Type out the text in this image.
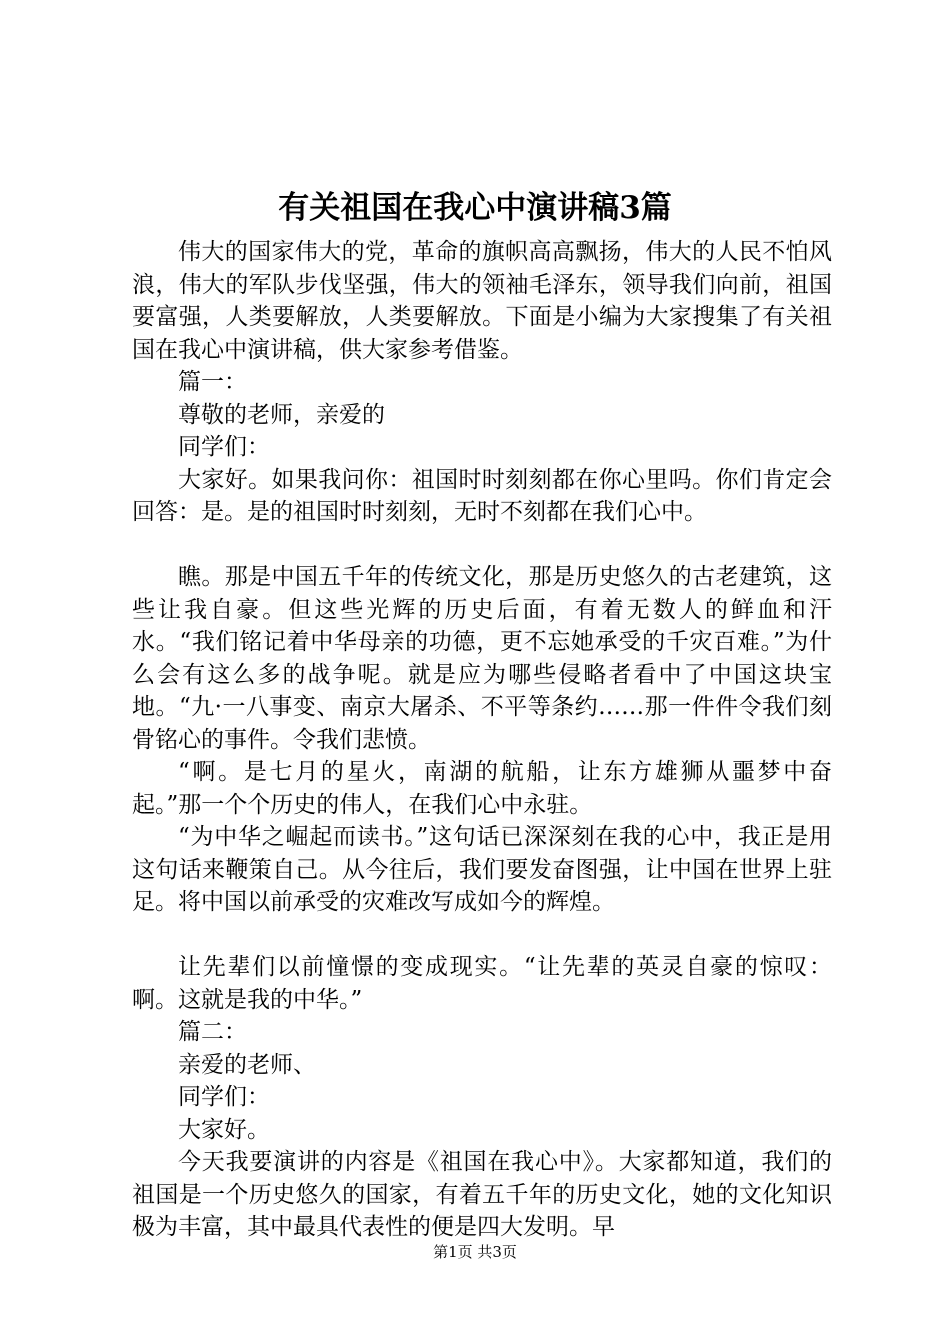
有关祖国在我心中演讲稿3篇

伟大的国家伟大的党，革命的旗帜高高飘扬，伟大的人民不怕风浪，伟大的军队步伐坚强，伟大的领袖毛泽东，领导我们向前，祖国要富强，人类要解放，人类要解放。下面是小编为大家搜集了有关祖国在我心中演讲稿，供大家参考借鉴。

篇一：

尊敬的老师，亲爱的

同学们：

大家好。如果我问你：祖国时时刻刻都在你心里吗。你们肯定会回答：是。是的祖国时时刻刻，无时不刻都在我们心中。

瞧。那是中国五千年的传统文化，那是历史悠久的古老建筑，这些让我自豪。但这些光辉的历史后面，有着无数人的鲜血和汗水。“我们铭记着中华母亲的功德，更不忘她承受的千灾百难。”为什么会有这么多的战争呢。就是应为哪些侵略者看中了中国这块宝地。“九·一八事变、南京大屠杀、不平等条约……那一件件令我们刻骨铭心的事件。令我们悲愤。

“啊。是七月的星火，南湖的航船，让东方雄狮从噩梦中奋起。”那一个个历史的伟人，在我们心中永驻。

“为中华之崛起而读书。”这句话已深深刻在我的心中，我正是用这句话来鞭策自己。从今往后，我们要发奋图强，让中国在世界上驻足。将中国以前承受的灾难改写成如今的辉煌。

让先辈们以前憧憬的变成现实。“让先辈的英灵自豪的惊叹：啊。这就是我的中华。”

篇二：

亲爱的老师、

同学们：

大家好。

今天我要演讲的内容是《祖国在我心中》。大家都知道，我们的祖国是一个历史悠久的国家，有着五千年的历史文化，她的文化知识极为丰富，其中最具代表性的便是四大发明。早

第1页 共3页
